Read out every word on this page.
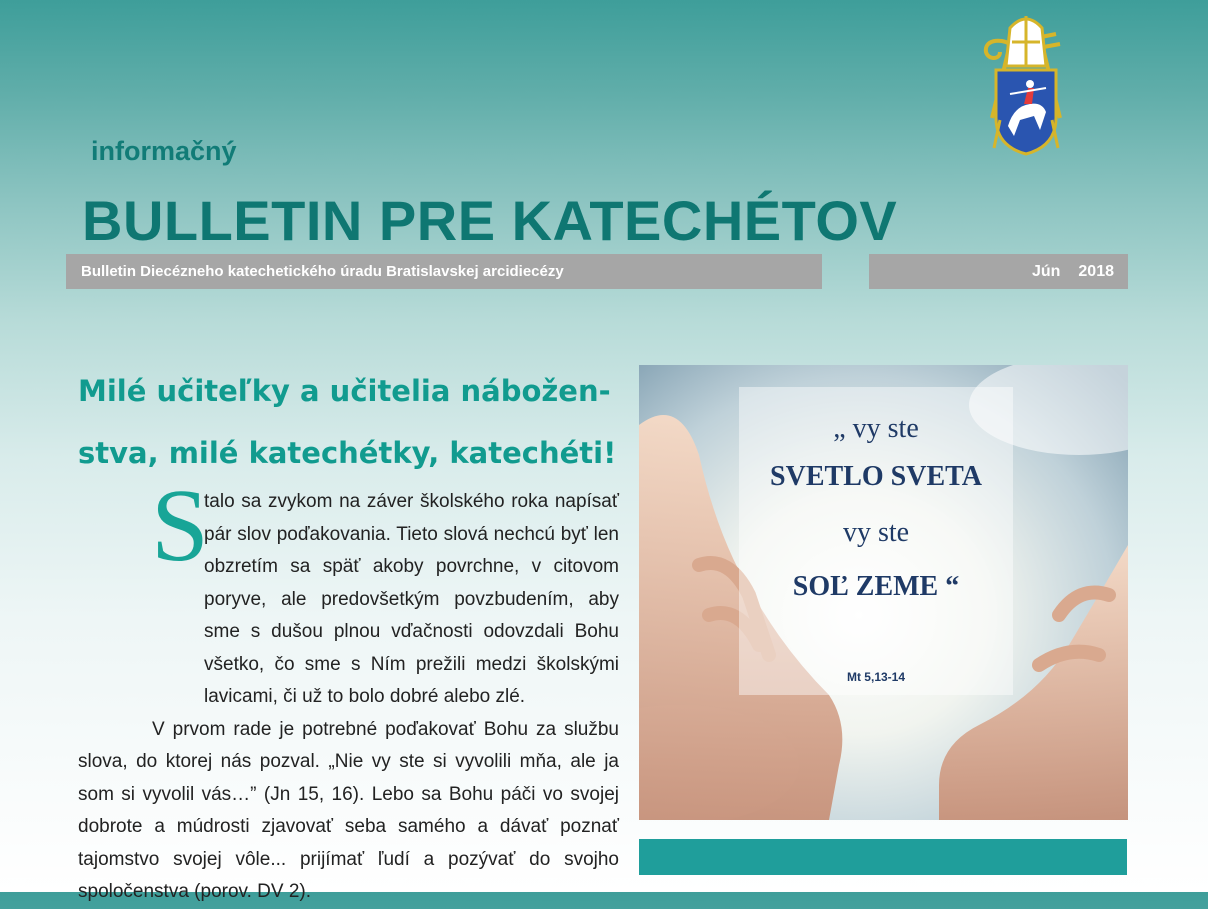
informačný
BULLETIN PRE KATECHÉTOV
Bulletin Diecézneho katechetického úradu Bratislavskej arcidiecézy	Jún 2018
Milé učiteľky a učitelia nábožen-
stva, milé katechétky, katechéti!
S

talo sa zvykom na záver školského roka napísať pár slov poďakovania. Tieto slová nechcú byť len obzretím sa späť akoby povrchne, v citovom poryve, ale predovšetkým povzbudením, aby sme s dušou plnou vďačnosti odovzdali Bohu všetko, čo sme s Ním prežili medzi školskými lavicami, či už to bolo dobré alebo zlé.

V prvom rade je potrebné poďakovať Bohu za službu slova, do ktorej nás pozval. „Nie vy ste si vyvolili mňa, ale ja som si vyvolil vás…” (Jn 15, 16). Lebo sa Bohu páči vo svojej dobrote a múdrosti zjavovať seba samého a dávať poznať tajomstvo svojej vôle... prijímať ľudí a pozývať do svojho spoločenstva (porov. DV 2).

„ vy ste
SVETLO SVETA
vy ste
SOĽ ZEME “
Mt 5,13-14
